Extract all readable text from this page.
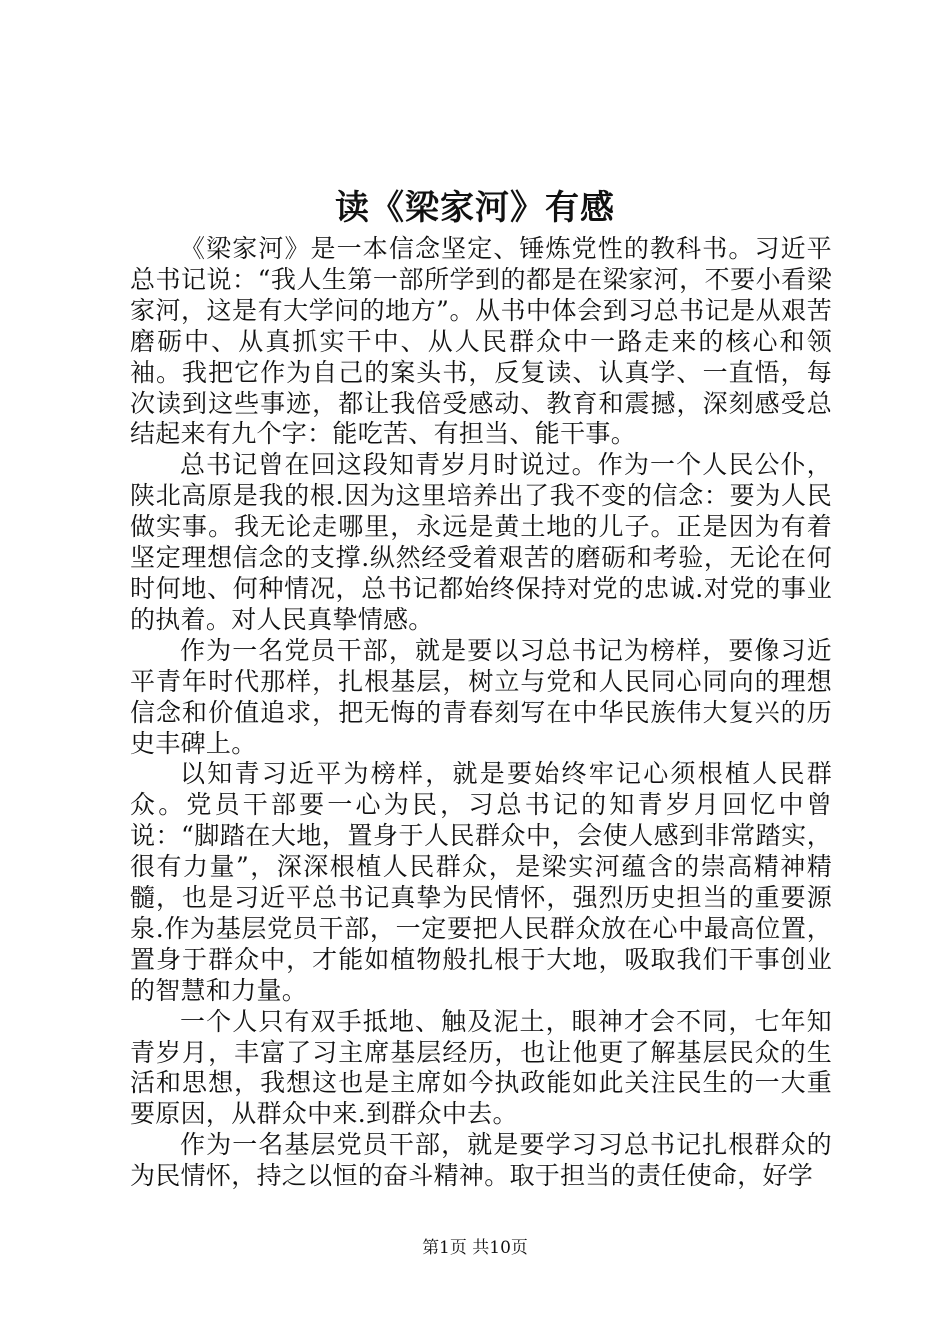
读《梁家河》有感

《梁家河》是一本信念坚定、锤炼党性的教科书。习近平总书记说：“我人生第一部所学到的都是在梁家河，不要小看梁家河，这是有大学问的地方”。从书中体会到习总书记是从艰苦磨砺中、从真抓实干中、从人民群众中一路走来的核心和领袖。我把它作为自己的案头书，反复读、认真学、一直悟，每次读到这些事迹，都让我倍受感动、教育和震撼，深刻感受总结起来有九个字：能吃苦、有担当、能干事。

总书记曾在回这段知青岁月时说过。作为一个人民公仆，陕北高原是我的根.因为这里培养出了我不变的信念：要为人民做实事。我无论走哪里，永远是黄土地的儿子。正是因为有着坚定理想信念的支撑.纵然经受着艰苦的磨砺和考验，无论在何时何地、何种情况，总书记都始终保持对党的忠诚.对党的事业的执着。对人民真挚情感。

作为一名党员干部，就是要以习总书记为榜样，要像习近平青年时代那样，扎根基层，树立与党和人民同心同向的理想信念和价值追求，把无悔的青春刻写在中华民族伟大复兴的历史丰碑上。

以知青习近平为榜样，就是要始终牢记心须根植人民群众。党员干部要一心为民，习总书记的知青岁月回忆中曾说：“脚踏在大地，置身于人民群众中，会使人感到非常踏实，很有力量”，深深根植人民群众，是梁实河蕴含的崇高精神精髓，也是习近平总书记真挚为民情怀，强烈历史担当的重要源泉.作为基层党员干部，一定要把人民群众放在心中最高位置，置身于群众中，才能如植物般扎根于大地，吸取我们干事创业的智慧和力量。

一个人只有双手抵地、触及泥土，眼神才会不同，七年知青岁月，丰富了习主席基层经历，也让他更了解基层民众的生活和思想，我想这也是主席如今执政能如此关注民生的一大重要原因，从群众中来.到群众中去。

作为一名基层党员干部，就是要学习习总书记扎根群众的为民情怀，持之以恒的奋斗精神。取于担当的责任使命，好学

第1页 共10页
